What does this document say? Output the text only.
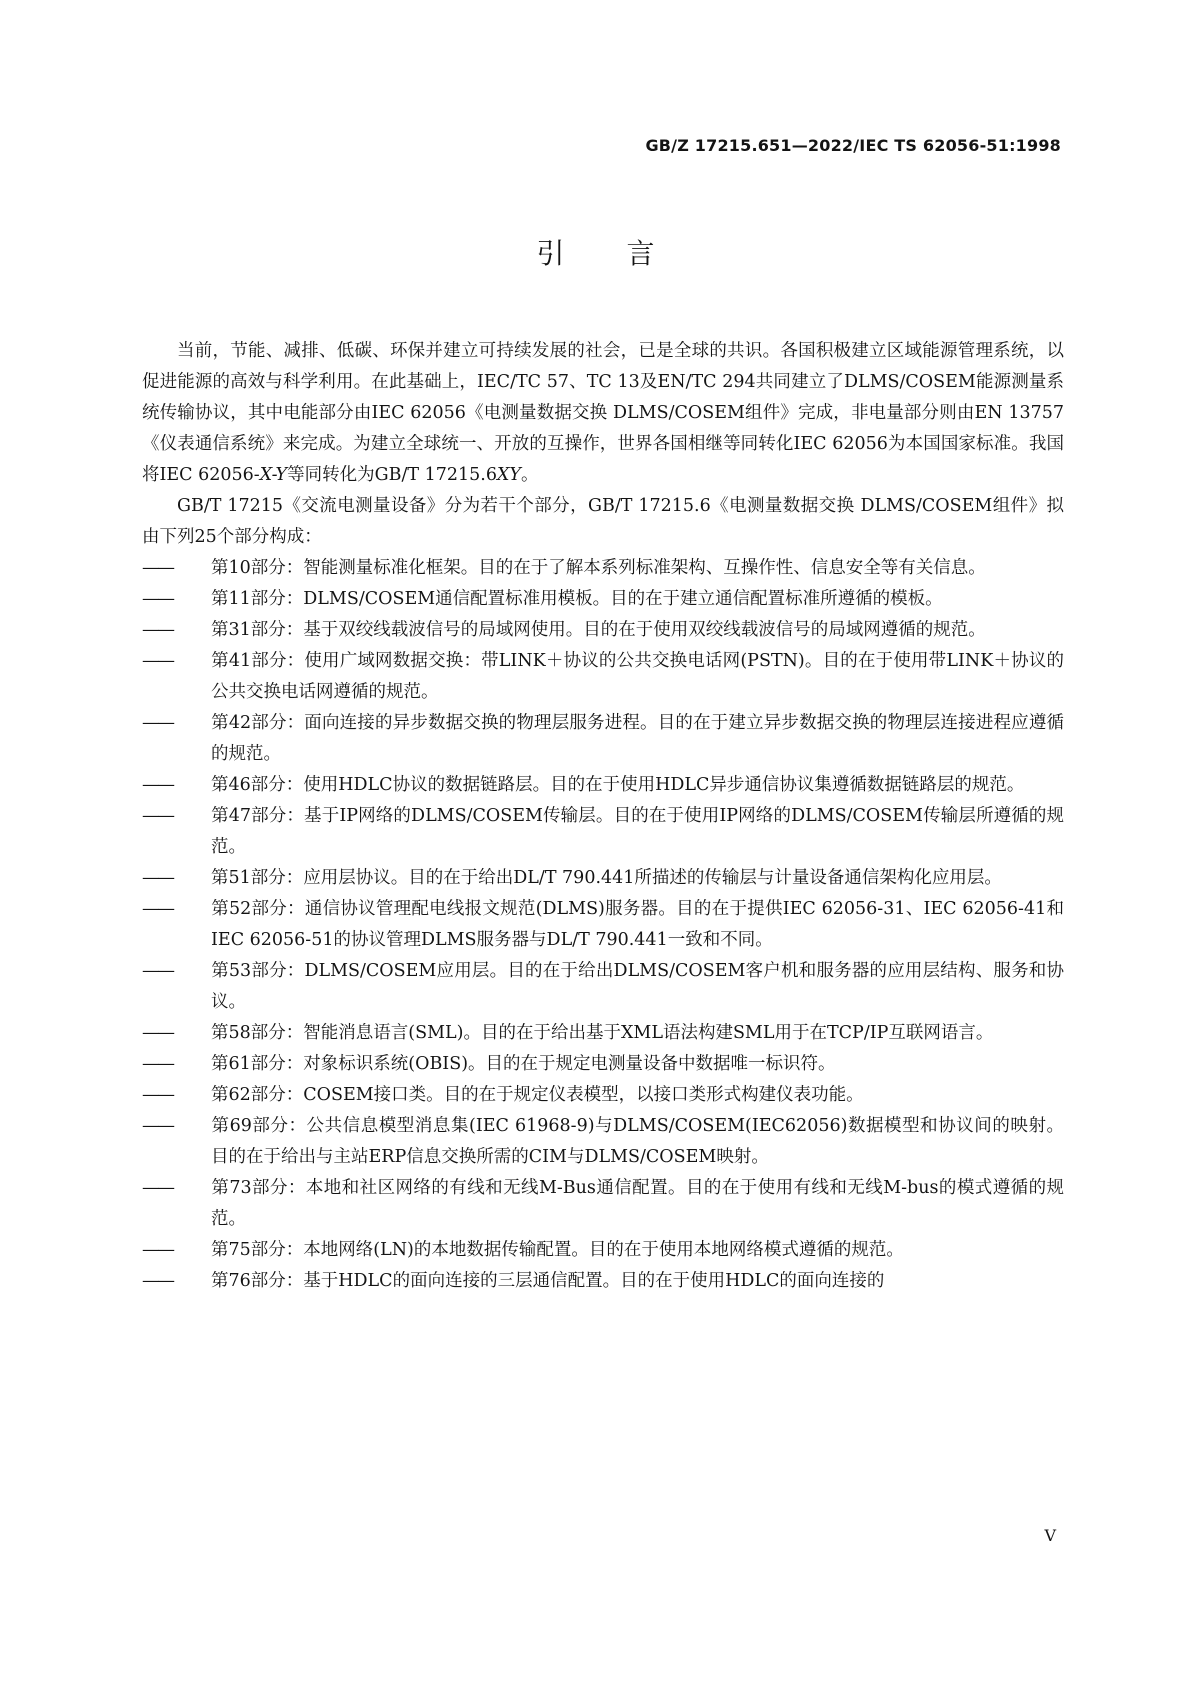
GB/Z 17215.651—2022/IEC TS 62056-51:1998
引言

当前，节能、减排、低碳、环保并建立可持续发展的社会，已是全球的共识。各国积极建立区域能源管理系统，以促进能源的高效与科学利用。在此基础上，IEC/TC 57、TC 13及EN/TC 294共同建立了DLMS/COSEM能源测量系统传输协议，其中电能部分由IEC 62056《电测量数据交换 DLMS/COSEM组件》完成，非电量部分则由EN 13757《仪表通信系统》来完成。为建立全球统一、开放的互操作，世界各国相继等同转化IEC 62056为本国国家标准。我国将IEC 62056-X-Y等同转化为GB/T 17215.6XY。

GB/T 17215《交流电测量设备》分为若干个部分，GB/T 17215.6《电测量数据交换 DLMS/COSEM组件》拟由下列25个部分构成：

—— 第10部分：智能测量标准化框架。目的在于了解本系列标准架构、互操作性、信息安全等有关信息。
—— 第11部分：DLMS/COSEM通信配置标准用模板。目的在于建立通信配置标准所遵循的模板。
—— 第31部分：基于双绞线载波信号的局域网使用。目的在于使用双绞线载波信号的局域网遵循的规范。
—— 第41部分：使用广域网数据交换：带LINK＋协议的公共交换电话网(PSTN)。目的在于使用带LINK＋协议的公共交换电话网遵循的规范。
—— 第42部分：面向连接的异步数据交换的物理层服务进程。目的在于建立异步数据交换的物理层连接进程应遵循的规范。
—— 第46部分：使用HDLC协议的数据链路层。目的在于使用HDLC异步通信协议集遵循数据链路层的规范。
—— 第47部分：基于IP网络的DLMS/COSEM传输层。目的在于使用IP网络的DLMS/COSEM传输层所遵循的规范。
—— 第51部分：应用层协议。目的在于给出DL/T 790.441所描述的传输层与计量设备通信架构化应用层。
—— 第52部分：通信协议管理配电线报文规范(DLMS)服务器。目的在于提供IEC 62056-31、IEC 62056-41和IEC 62056-51的协议管理DLMS服务器与DL/T 790.441一致和不同。
—— 第53部分：DLMS/COSEM应用层。目的在于给出DLMS/COSEM客户机和服务器的应用层结构、服务和协议。
—— 第58部分：智能消息语言(SML)。目的在于给出基于XML语法构建SML用于在TCP/IP互联网语言。
—— 第61部分：对象标识系统(OBIS)。目的在于规定电测量设备中数据唯一标识符。
—— 第62部分：COSEM接口类。目的在于规定仪表模型，以接口类形式构建仪表功能。
—— 第69部分：公共信息模型消息集(IEC 61968-9)与DLMS/COSEM(IEC62056)数据模型和协议间的映射。目的在于给出与主站ERP信息交换所需的CIM与DLMS/COSEM映射。
—— 第73部分：本地和社区网络的有线和无线M-Bus通信配置。目的在于使用有线和无线M-bus的模式遵循的规范。
—— 第75部分：本地网络(LN)的本地数据传输配置。目的在于使用本地网络模式遵循的规范。
—— 第76部分：基于HDLC的面向连接的三层通信配置。目的在于使用HDLC的面向连接的
V
